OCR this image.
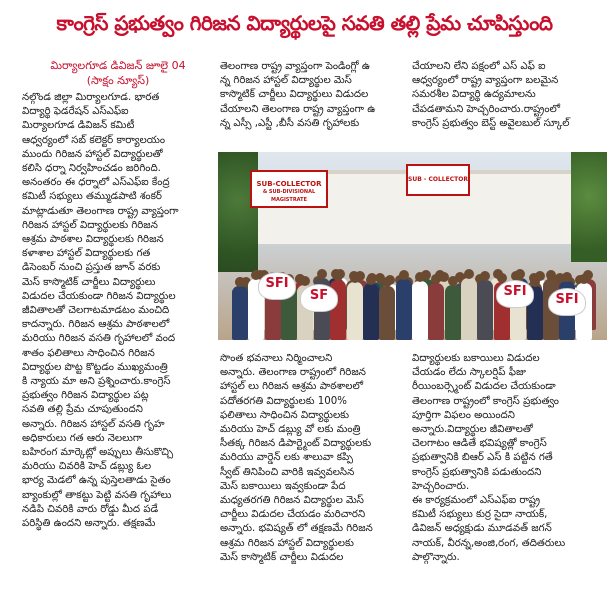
కాంగ్రెస్ ప్రభుత్వం గిరిజన విద్యార్థులపై సవతి తల్లి ప్రేమ చూపిస్తుంది
మిర్యాలగూడ డివిజన్ జూలై 04
(సాక్షం న్యూస్)
నల్గొండ జిల్లా మిర్యాలగూడ. భారత
విద్యార్థి ఫెడరేషన్ ఎస్ఎఫ్ఐ
మిర్యాలగూడ డివిజన్ కమిటీ
ఆధ్వర్యంలో సబ్ కలెక్టర్ కార్యాలయం
ముందు గిరిజన హాస్టల్ విద్యార్థులతో
కలిసి ధర్నా నిర్వహించడం జరిగింది.
అనంతరం ఈ ధర్నాలో ఎస్ఎఫ్ఐ కేంద్ర
కమిటీ సభ్యులు తమ్ముడపాటి శంకర్
మాట్లాడుతూ తెలంగాణ రాష్ట్ర వ్యాప్తంగా
గిరిజన హాస్టల్ విద్యార్థులకు గిరిజన
ఆశ్రమ పాఠశాల విద్యార్థులకు గిరిజన
కళాశాల హాస్టల్ విద్యార్థులకు గత
డిసెంబర్ నుంచి ప్రస్తుత జూన్ వరకు
మెస్ కాస్మొటిక్ చార్జీలు విద్యార్థులు
విడుదల చేయకుండా గిరిజన విద్యార్థుల
జీవితాలతో చెలగాటమాడటం మంచిది
కాదన్నారు. గిరిజన ఆశ్రమ పాఠశాలలో
మరియు గిరిజన వసతి గృహాలలో వంద
శాతం ఫలితాలు సాధించిన గిరిజన
విద్యార్థుల పొట్ట కొట్టడం ముఖ్యమంత్రి
కి న్యాయ మా అని ప్రశ్నించారు.కాంగ్రెస్
ప్రభుత్వం గిరిజన విద్యార్థుల పట్ల
సవతి తల్లి ప్రేమ చూపుతుందని
అన్నారు. గిరిజన హాస్టల్ వసతి గృహ
అధికారులు గత ఆరు నెలలుగా
బహిరంగ మార్కెట్లో అప్పులు తీసుకొచ్చి
మరియు చివరికి హెచ్ డబ్ల్యు ఓల
భార్య మెడలో ఉన్న పుస్తెలతాడు సైతం
బ్యాంకుల్లో తాకట్టు పెట్టి వసతి గృహాలు
నడిపి చివరికి వారు రోడ్డు మీద పడే
పరిస్థితి ఉందని అన్నారు. తక్షణమే
తెలంగాణ రాష్ట్ర వ్యాప్తంగా పెండింగ్లో ఉ
న్న గిరిజన హాస్టల్ విద్యార్థుల మెస్
కాస్మొటిక్ చార్జీలు విద్యార్థులు విడుదల
చేయాలని తెలంగాణ రాష్ట్ర వ్యాప్తంగా ఉ
న్న ఎస్సీ ,ఎస్టీ ,బీసీ వసతి గృహాలకు
చేయాలని లేని పక్షంలో ఎస్ ఎఫ్ ఐ
ఆధ్వర్యంలో రాష్ట్ర వ్యాప్తంగా బలమైన
సమరశీల విద్యార్థి ఉద్యమాలను
చేపడతామని హెచ్చరించారు.రాష్ట్రంలో
కాంగ్రెస్ ప్రభుత్వం బెస్ట్ అవైలబుల్ స్కూల్
సొంత భవనాలు నిర్మించాలని
అన్నారు. తెలంగాణ రాష్ట్రంలో గిరిజన
హాస్టల్ లు గిరిజన ఆశ్రమ పాఠశాలలో
పదోతరగతి విద్యార్థులకు 100%
ఫలితాలు సాధించిన విద్యార్థులకు
మరియు హెచ్ డబ్ల్యు వో లకు మంత్రి
సీతక్క గిరిజన డిపార్ట్మెంట్ విద్యార్థులకు
మరియు వార్డెన్ లకు శాలువా కప్పి
స్వీట్ తినిపించి వారికి ఇవ్వవలసిన
మెస్ బకాయిలు ఇవ్వకుండా పేద
మధ్యతరగతి గిరిజన విద్యార్థుల మెస్
చార్జీలు విడుదల చేయడం మరిచారని
అన్నారు. భవిష్యత్ లో తక్షణమే గిరిజన
ఆశ్రమ గిరిజన హాస్టల్ విద్యార్థులకు
మెస్ కాస్మొటిక్ చార్జీలు విడుదల
విద్యార్థులకు బకాయిలు విడుదల
చేయడం లేదు స్కాలర్షిప్ ఫీజు
రీయింబర్స్మెంట్ విడుదల చేయకుండా
తెలంగాణ రాష్ట్రంలో కాంగ్రెస్ ప్రభుత్వం
పూర్తిగా విఫలం అయిందని
అన్నారు.విద్యార్థుల జీవితాలతో
చెలగాటం ఆడితే భవిష్యత్లో కాంగ్రెస్
ప్రభుత్వానికి బిఆర్ ఎస్ కి పట్టిన గతే
కాంగ్రెస్ ప్రభుత్వానికి పడుతుందని
హెచ్చరించారు.
ఈ కార్యక్రమంలో ఎస్ఎఫ్ఐ రాష్ట్ర
కమిటీ సభ్యులు కుర్ర సైదా నాయక్,
డివిజన్ అధ్యక్షుడు మూడవత్ జగన్
నాయక్, వీరన్న,అంజి,రంగ, తదితరులు
పాల్గొన్నారు.
SUB-COLLECTOR
& SUB-DIVISIONAL MAGISTRATE
SUB - COLLECTOR
SF	SFI
SFI
SFI
